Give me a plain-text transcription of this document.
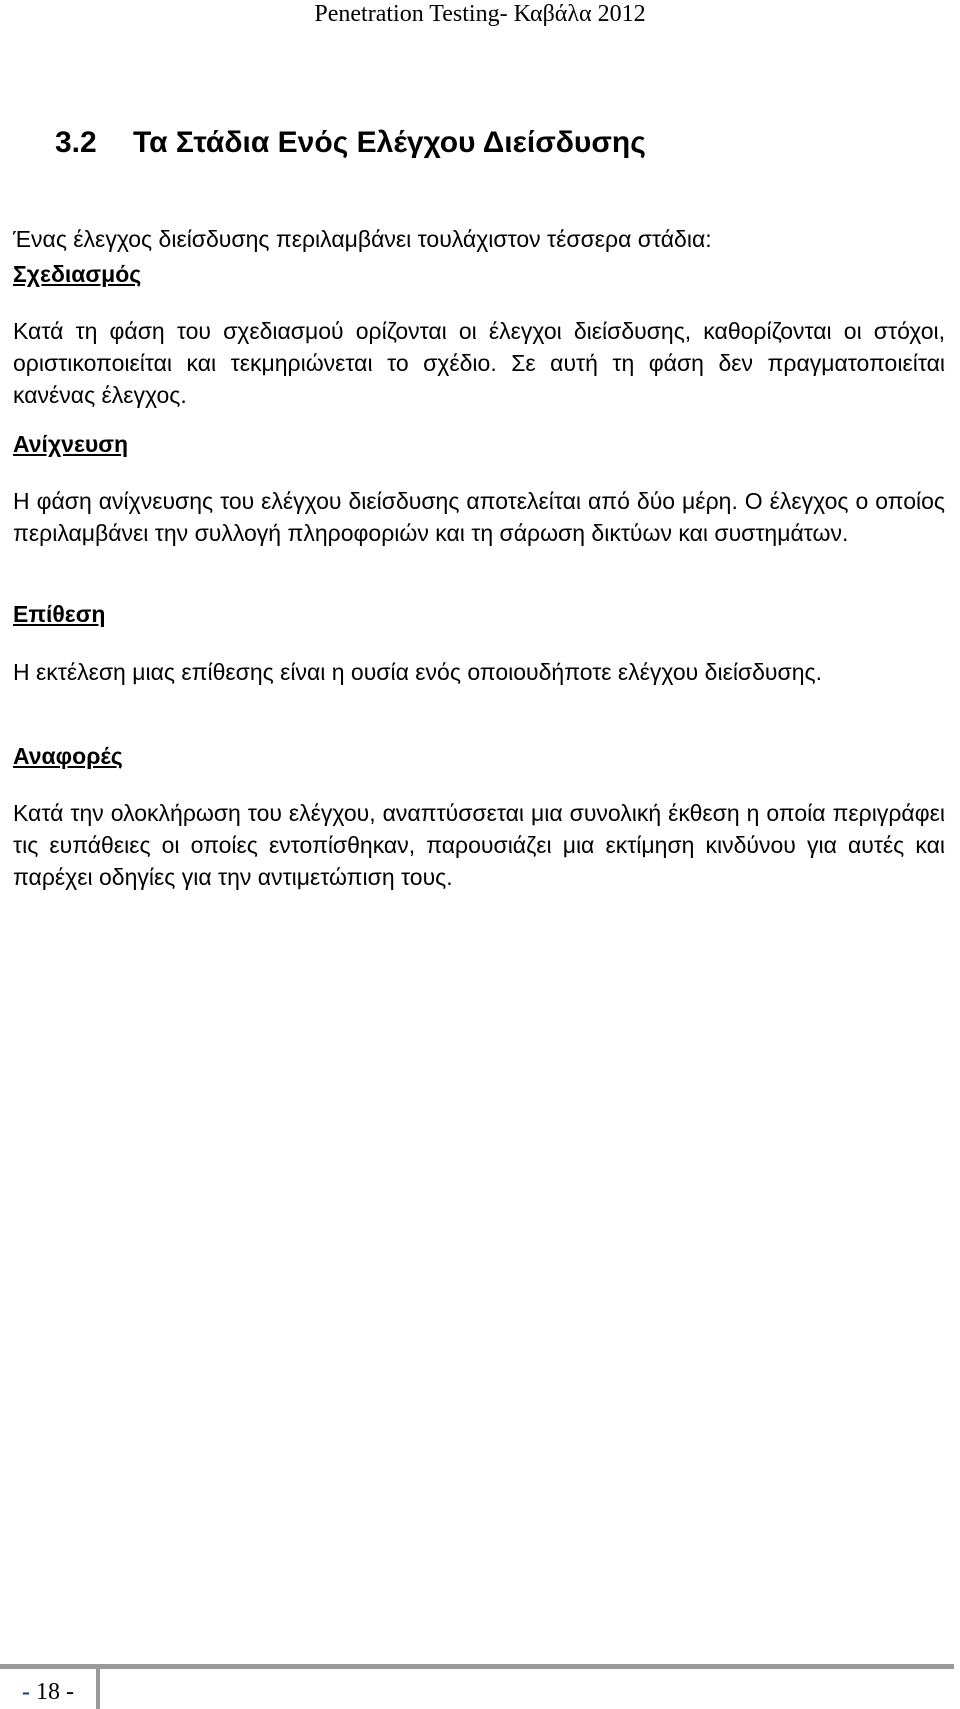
Penetration Testing- Καβάλα 2012
3.2 Τα Στάδια Ενός Ελέγχου Διείσδυσης

Ένας έλεγχος διείσδυσης περιλαμβάνει τουλάχιστον τέσσερα στάδια:

Σχεδιασμός

Κατά τη φάση του σχεδιασμού ορίζονται οι έλεγχοι διείσδυσης, καθορίζονται οι στόχοι, οριστικοποιείται και τεκμηριώνεται το σχέδιο. Σε αυτή τη φάση δεν πραγματοποιείται κανένας έλεγχος.

Ανίχνευση

Η φάση ανίχνευσης του ελέγχου διείσδυσης αποτελείται από δύο μέρη. Ο έλεγχος ο οποίος περιλαμβάνει την συλλογή πληροφοριών και τη σάρωση δικτύων και συστημάτων.

Επίθεση

Η εκτέλεση μιας επίθεσης είναι η ουσία ενός οποιουδήποτε ελέγχου διείσδυσης.

Αναφορές

Κατά την ολοκλήρωση του ελέγχου, αναπτύσσεται μια συνολική έκθεση η οποία περιγράφει τις ευπάθειες οι οποίες εντοπίσθηκαν, παρουσιάζει μια εκτίμηση κινδύνου για αυτές και παρέχει οδηγίες για την αντιμετώπιση τους.

- 18 -
